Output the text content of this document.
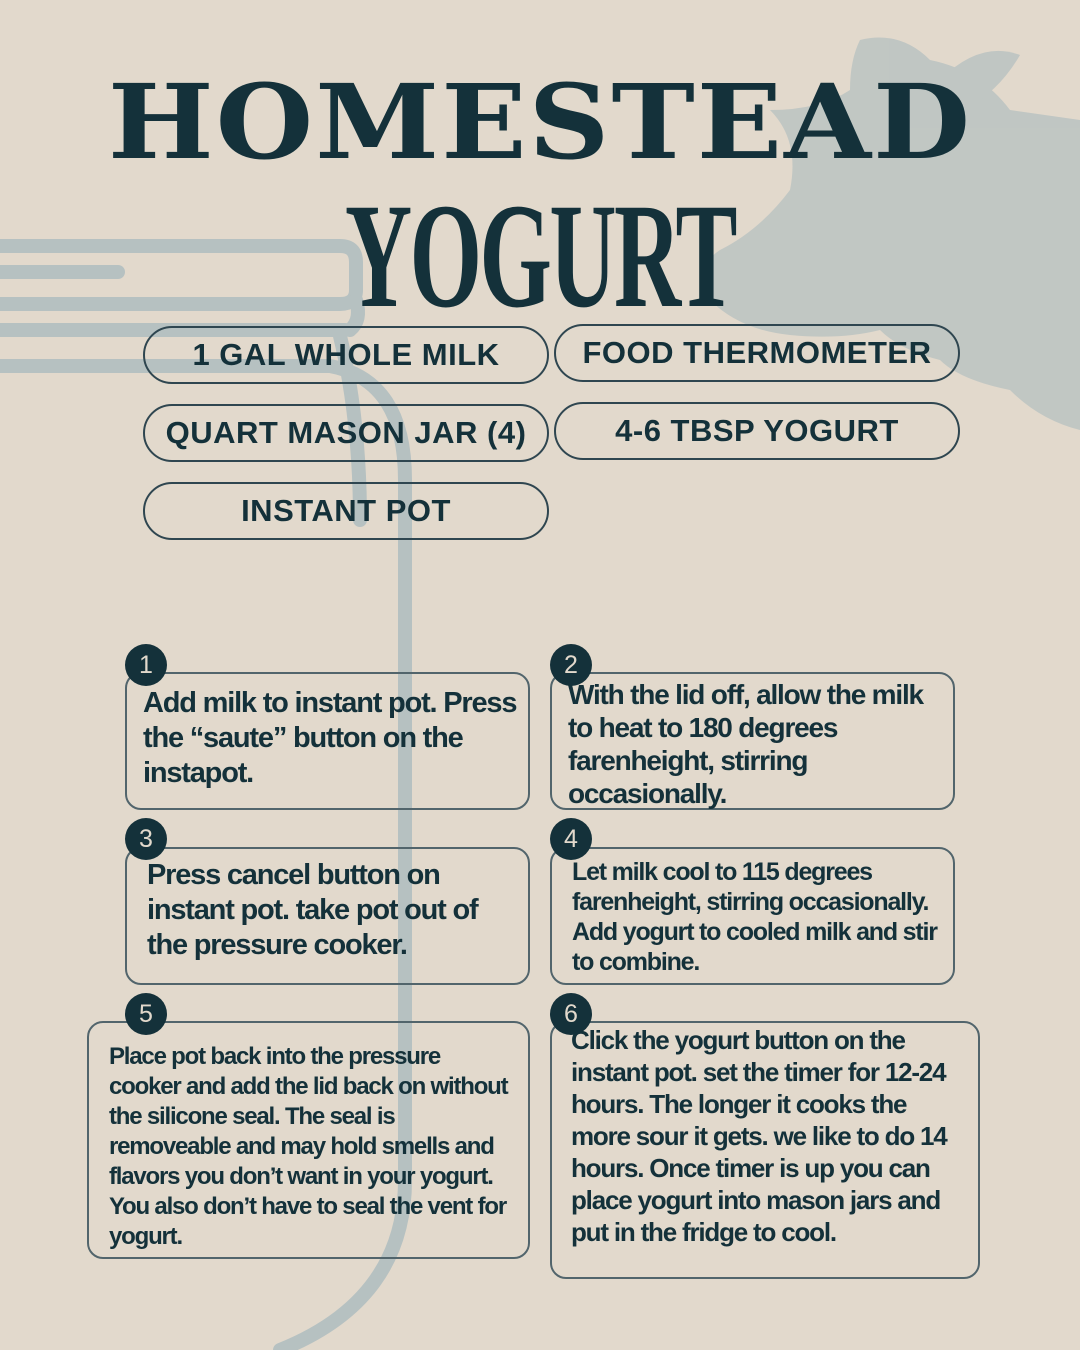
HOMESTEAD
YOGURT
1 GAL WHOLE MILK	FOOD THERMOMETER
QUART MASON JAR (4)	4-6 TBSP YOGURT
INSTANT POT
1
Add milk to instant pot. Press the “saute” button on the instapot.
2
With the lid off, allow the milk to heat to 180 degrees farenheight, stirring occasionally.
3
Press cancel button on instant pot. take pot out of the pressure cooker.
4
Let milk cool to 115 degrees farenheight, stirring occasionally. Add yogurt to cooled milk and stir to combine.
5
Place pot back into the pressure cooker and add the lid back on without the silicone seal. The seal is removeable and may hold smells and flavors you don’t want in your yogurt. You also don’t have to seal the vent for yogurt.
6
Click the yogurt button on the instant pot. set the timer for 12-24 hours. The longer it cooks the more sour it gets. we like to do 14 hours. Once timer is up you can place yogurt into mason jars and put in the fridge to cool.
